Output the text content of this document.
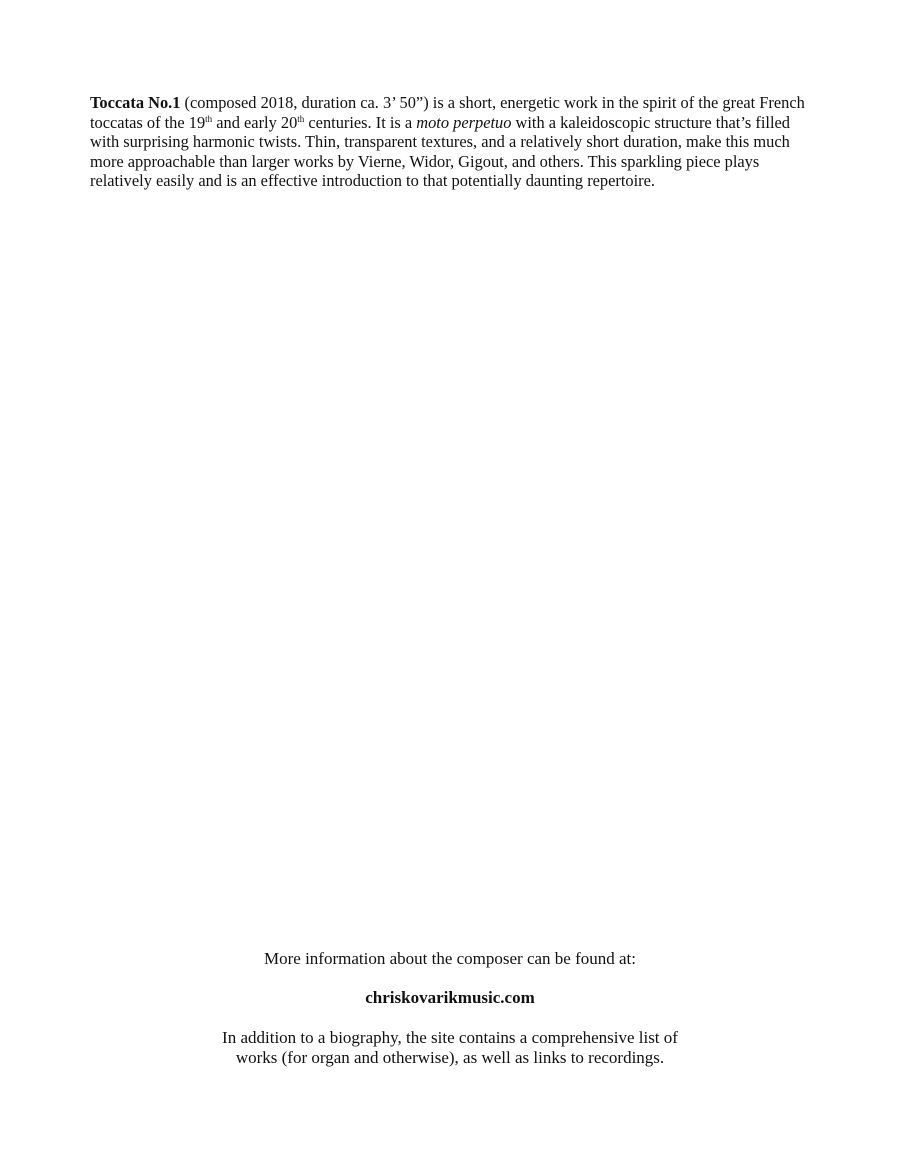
Toccata No.1 (composed 2018, duration ca. 3’ 50”) is a short, energetic work in the spirit of the great French toccatas of the 19th and early 20th centuries. It is a moto perpetuo with a kaleidoscopic structure that’s filled with surprising harmonic twists. Thin, transparent textures, and a relatively short duration, make this much more approachable than larger works by Vierne, Widor, Gigout, and others. This sparkling piece plays relatively easily and is an effective introduction to that potentially daunting repertoire.

More information about the composer can be found at:

chriskovarikmusic.com

In addition to a biography, the site contains a comprehensive list of
works (for organ and otherwise), as well as links to recordings.
